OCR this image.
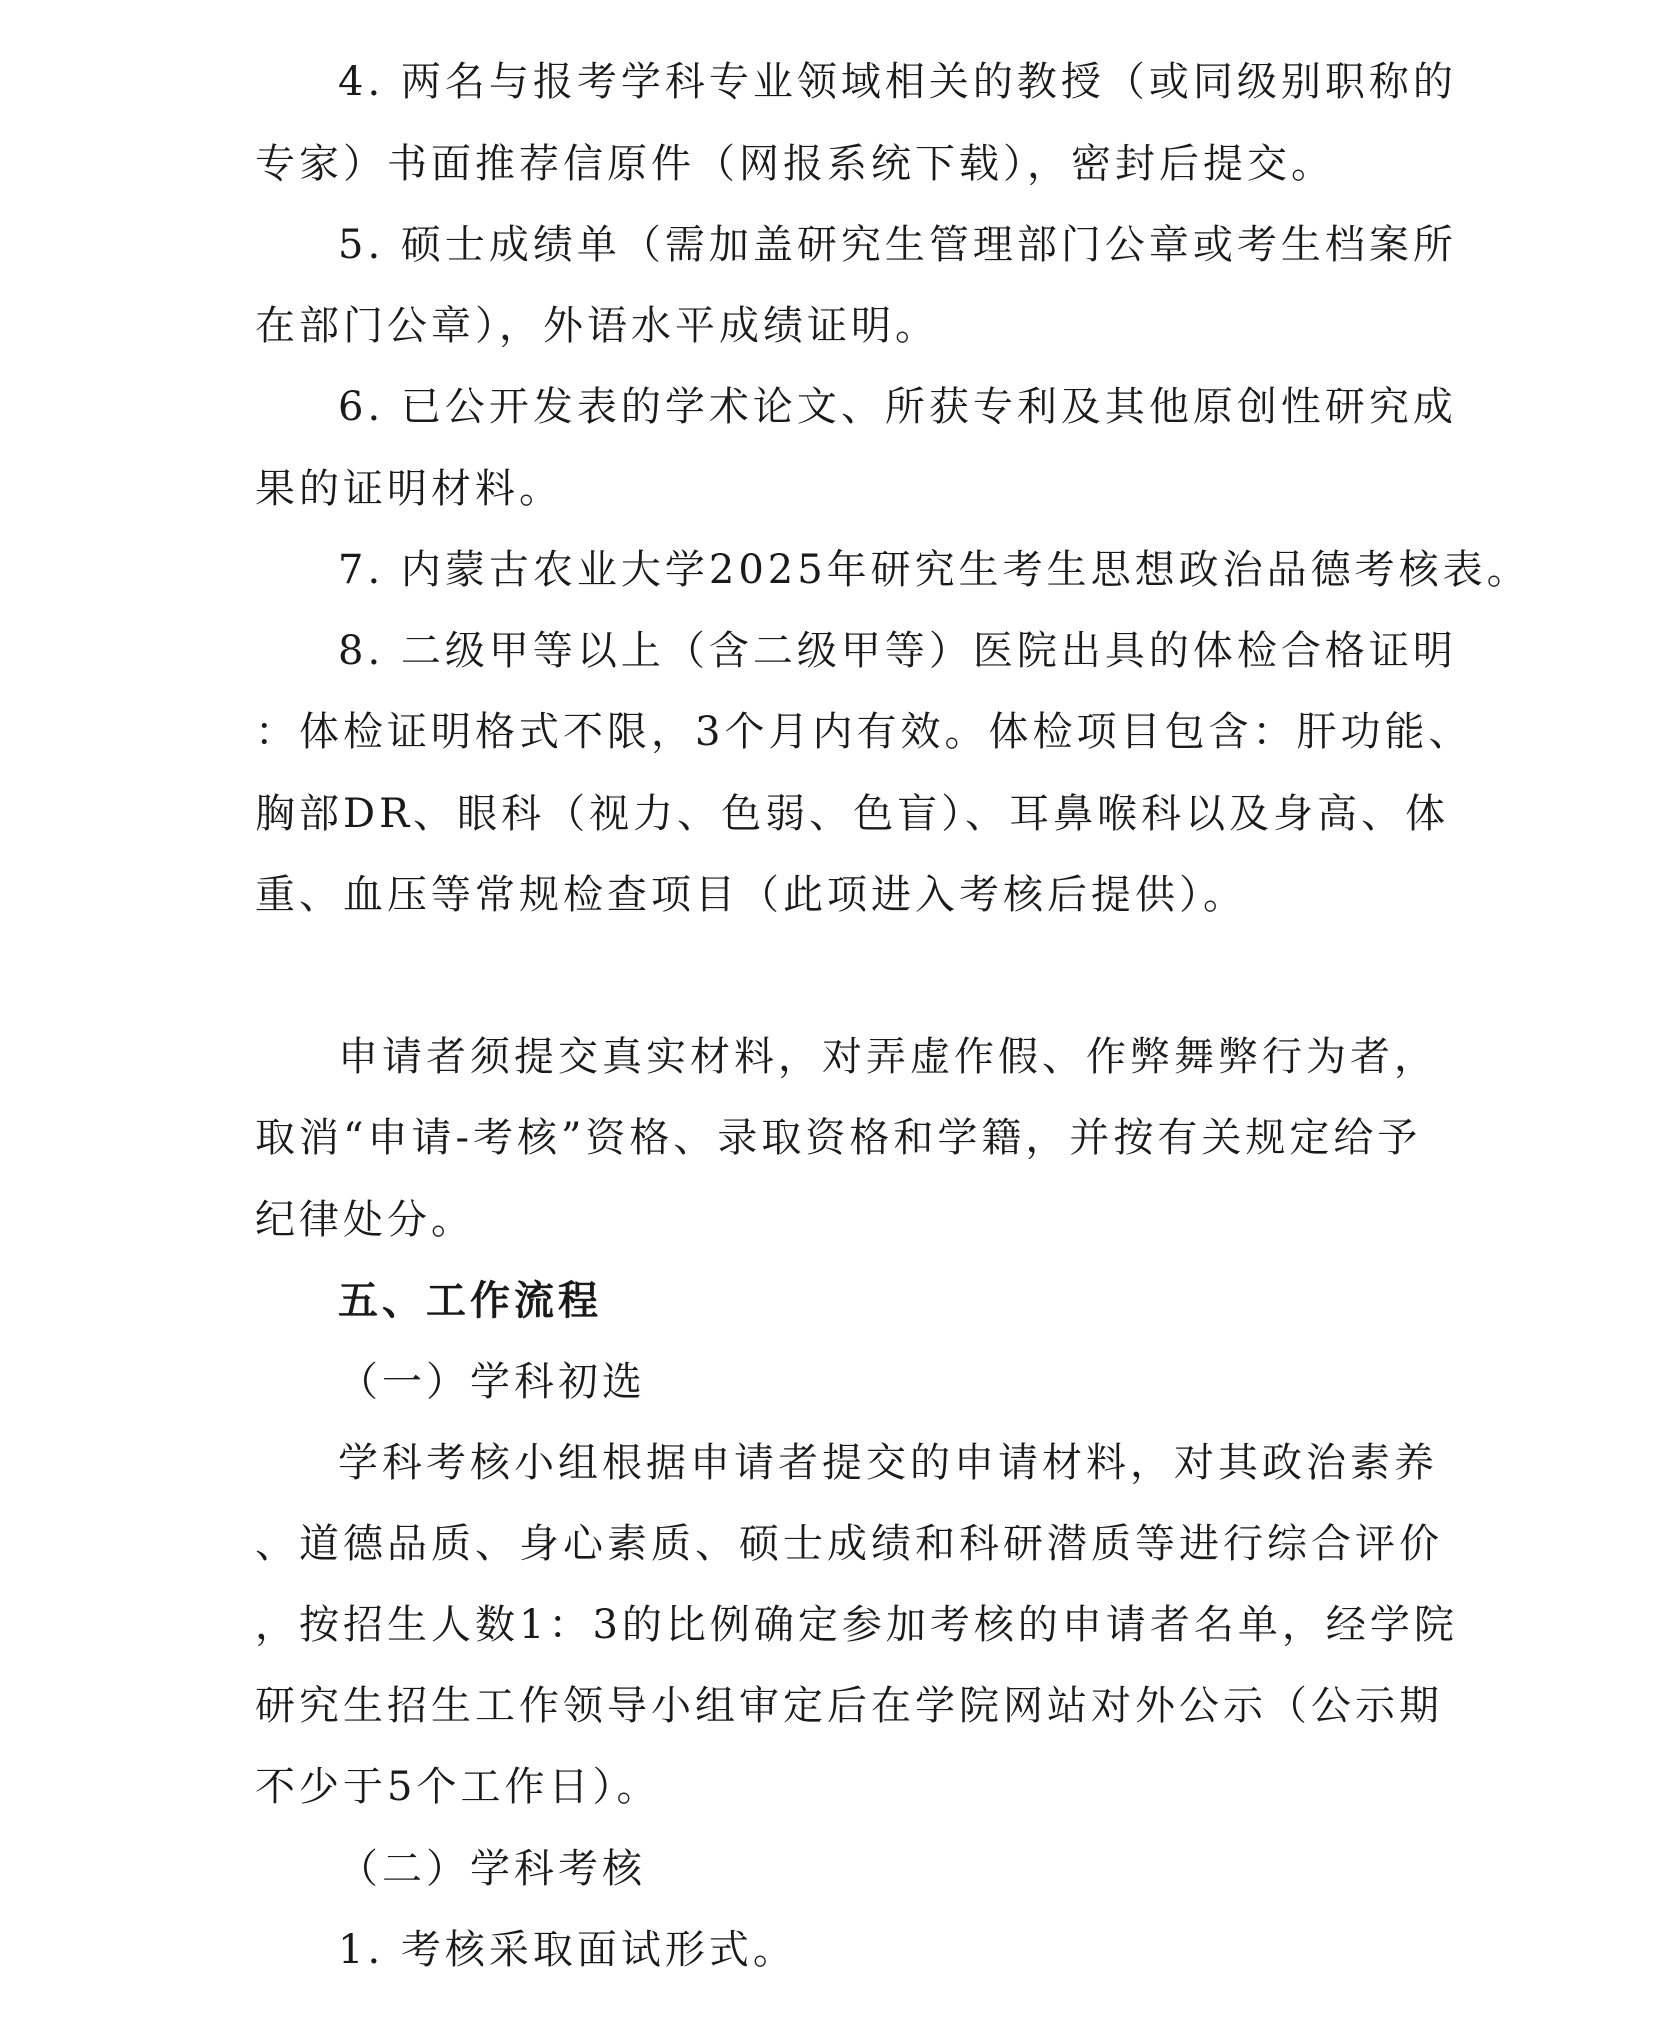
4. 两名与报考学科专业领域相关的教授（或同级别职称的
专家）书面推荐信原件（网报系统下载），密封后提交。
5. 硕士成绩单（需加盖研究生管理部门公章或考生档案所
在部门公章），外语水平成绩证明。
6. 已公开发表的学术论文、所获专利及其他原创性研究成
果的证明材料。
7. 内蒙古农业大学2025年研究生考生思想政治品德考核表。
8. 二级甲等以上（含二级甲等）医院出具的体检合格证明
：体检证明格式不限，3个月内有效。体检项目包含：肝功能、
胸部DR、眼科（视力、色弱、色盲）、耳鼻喉科以及身高、体
重、血压等常规检查项目（此项进入考核后提供）。
申请者须提交真实材料，对弄虚作假、作弊舞弊行为者，
取消“申请-考核”资格、录取资格和学籍，并按有关规定给予
纪律处分。
五、工作流程
（一）学科初选
学科考核小组根据申请者提交的申请材料，对其政治素养
、道德品质、身心素质、硕士成绩和科研潜质等进行综合评价
，按招生人数1：3的比例确定参加考核的申请者名单，经学院
研究生招生工作领导小组审定后在学院网站对外公示（公示期
不少于5个工作日）。
（二）学科考核
1. 考核采取面试形式。
